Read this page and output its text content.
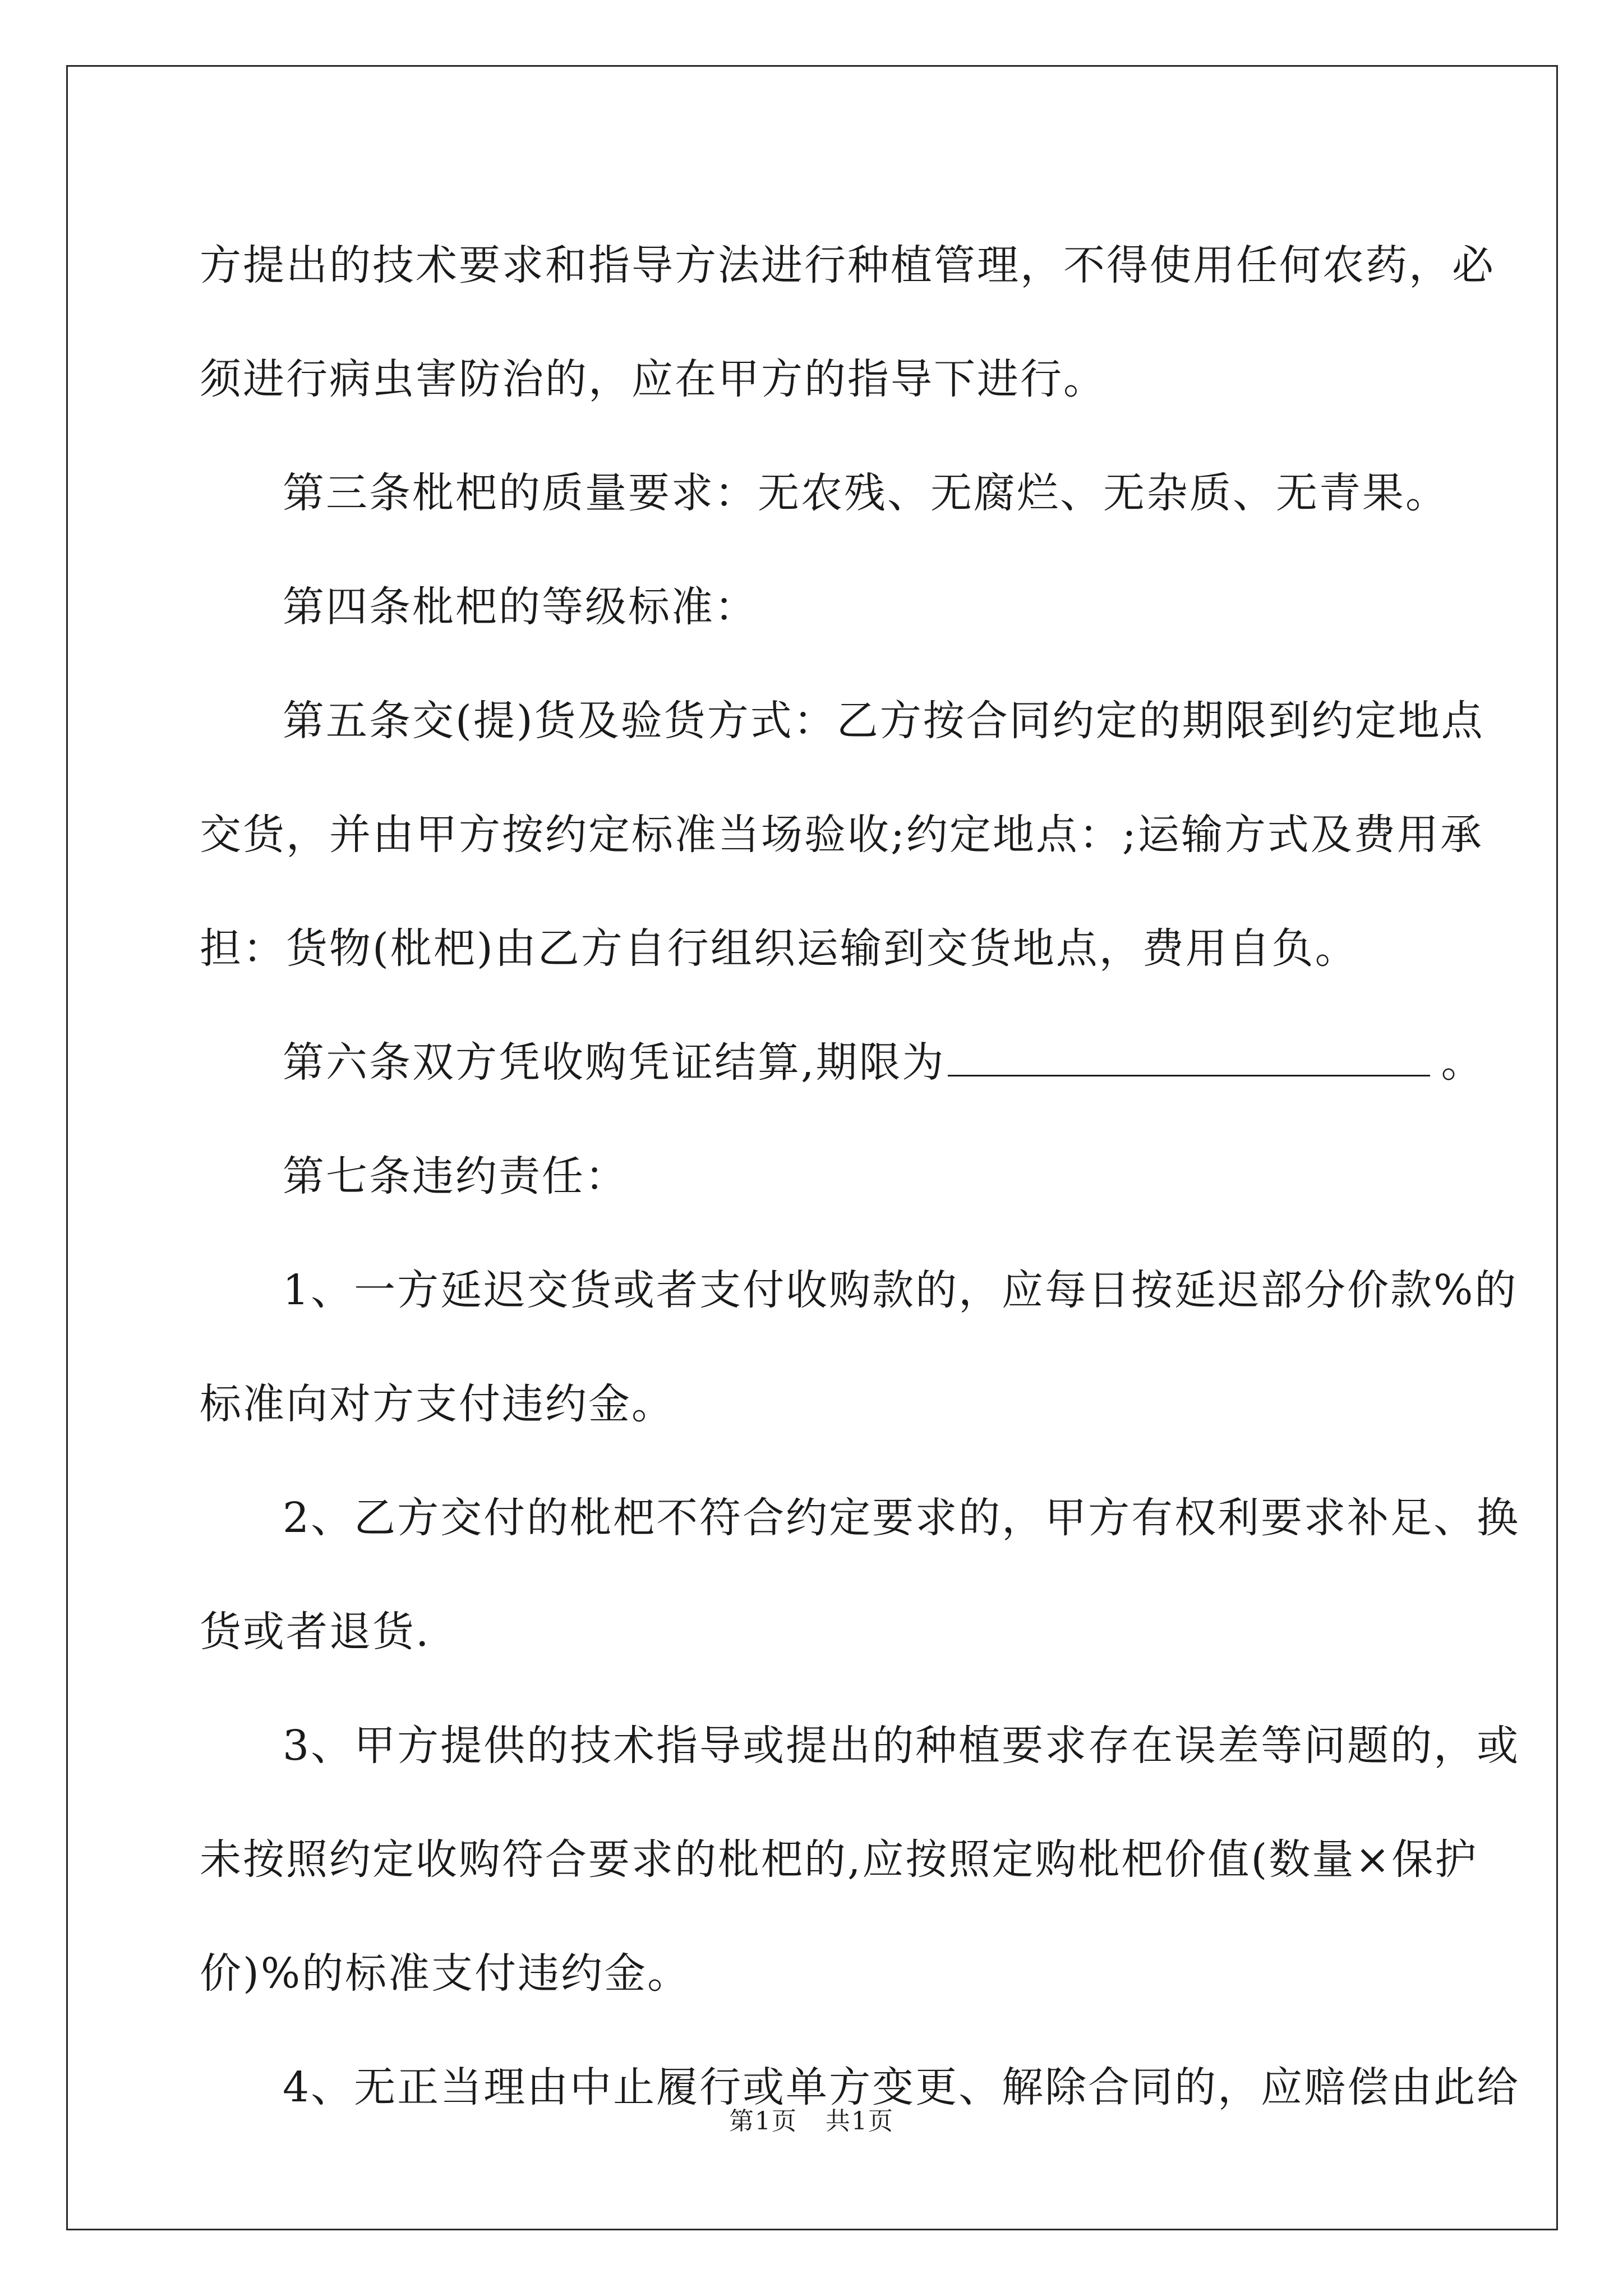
方提出的技术要求和指导方法进行种植管理，不得使用任何农药，必

须进行病虫害防治的，应在甲方的指导下进行。

第三条枇杷的质量要求：无农残、无腐烂、无杂质、无青果。

第四条枇杷的等级标准：

第五条交(提)货及验货方式：乙方按合同约定的期限到约定地点

交货，并由甲方按约定标准当场验收;约定地点：;运输方式及费用承

担：货物(枇杷)由乙方自行组织运输到交货地点，费用自负。

第六条双方凭收购凭证结算,期限为	。

第七条违约责任：

1、一方延迟交货或者支付收购款的，应每日按延迟部分价款%的

标准向对方支付违约金。

2、乙方交付的枇杷不符合约定要求的，甲方有权利要求补足、换

货或者退货.

3、甲方提供的技术指导或提出的种植要求存在误差等问题的，或

未按照约定收购符合要求的枇杷的,应按照定购枇杷价值(数量×保护

价)%的标准支付违约金。

4、无正当理由中止履行或单方变更、解除合同的，应赔偿由此给

第1页 共1页
